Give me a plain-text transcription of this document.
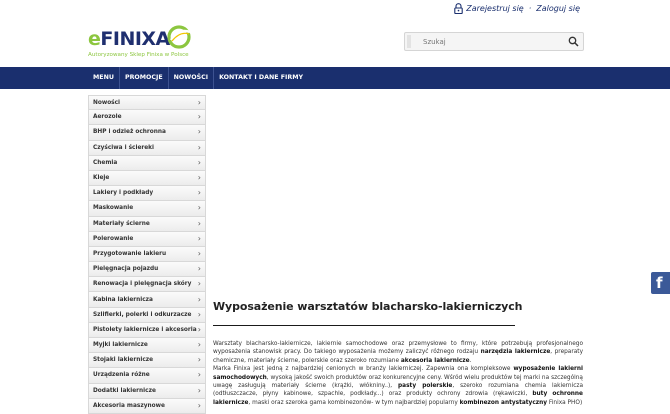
Zarejestruj się · Zaloguj się
eFINIXA
Autoryzowany Sklep Finixa w Polsce
Szukaj
MENU	PROMOCJE	NOWOŚCI	KONTAKT I DANE FIRMY
Nowości	›
Aerozole	›
BHP i odzież ochronna	›
Czyściwa i ściereki	›
Chemia	›
Kleje	›
Lakiery i podkłady	›
Maskowanie	›
Materiały ścierne	›
Polerowanie	›
Przygotowanie lakieru	›
Pielęgnacja pojazdu	›
Renowacja i pielęgnacja skóry ›
Kabina lakiernicza	›
Szlifierki, polerki i odkurzacze ›
Pistolety lakiernicze i akcesoria ›
Myjki lakiernicze	›
Stojaki lakiernicze	›
Urządzenia różne	›
Dodatki lakiernicze	›
Akcesoria maszynowe	›
Wyposażenie warsztatów blacharsko-lakierniczych

Warsztaty blacharsko-lakiernicze, lakiernie samochodowe oraz przemysłowe to firmy, które potrzebują profesjonalnego wyposażenia stanowisk pracy. Do takiego wyposażenia możemy zaliczyć różnego rodzaju narzędzia lakiernicze, preparaty chemiczne, materiały ścierne, polerskie oraz szeroko rozumiane akcesoria lakiernicze.
Marka Finixa jest jedną z najbardziej cenionych w branży lakierniczej. Zapewnia ona kompleksowe wyposażenie lakierni samochodowych, wysoką jakość swoich produktów oraz konkurencyjne ceny. Wśród wielu produktów tej marki na szczególną uwagę zasługują materiały ścierne (krążki, włókniny..), pasty polerskie, szeroko rozumiana chemia lakiernicza (odtłuszczacze, płyny kabinowe, szpachle, podkłady...) oraz produkty ochrony zdrowia (rękawiczki, buty ochronne lakiernicze, maski oraz szeroka gama kombinezonów- w tym najbardziej popularny kombinezon antystatyczny Finixa PHO)

f
